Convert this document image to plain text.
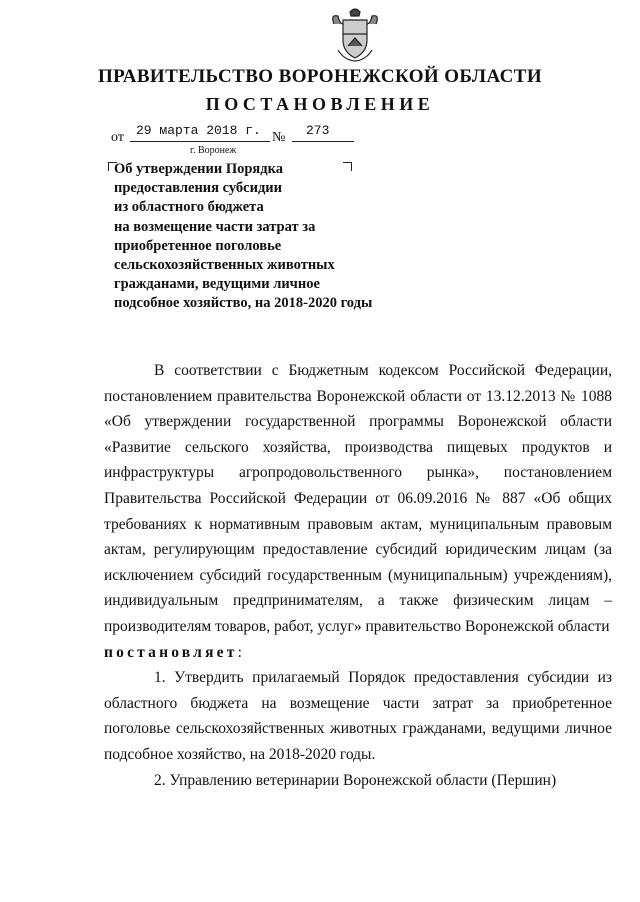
ПРАВИТЕЛЬСТВО ВОРОНЕЖСКОЙ ОБЛАСТИ
ПОСТАНОВЛЕНИЕ
от 29 марта 2018 г. №	273
г. Воронеж
Об утверждении Порядка
предоставления субсидии
из областного бюджета
на возмещение части затрат за
приобретенное поголовье
сельскохозяйственных животных
гражданами, ведущими личное
подсобное хозяйство, на 2018-2020 годы

В соответствии с Бюджетным кодексом Российской Федерации, постановлением правительства Воронежской области от 13.12.2013 № 1088 «Об утверждении государственной программы Воронежской области «Развитие сельского хозяйства, производства пищевых продуктов и инфраструктуры агропродовольственного рынка», постановлением Правительства Российской Федерации от 06.09.2016 № 887 «Об общих требованиях к нормативным правовым актам, муниципальным правовым актам, регулирующим предоставление субсидий юридическим лицам (за исключением субсидий государственным (муниципальным) учреждениям), индивидуальным предпринимателям, а также физическим лицам – производителям товаров, работ, услуг» правительство Воронежской области

постановляет:

1. Утвердить прилагаемый Порядок предоставления субсидии из областного бюджета на возмещение части затрат за приобретенное поголовье сельскохозяйственных животных гражданами, ведущими личное подсобное хозяйство, на 2018-2020 годы.

2. Управлению ветеринарии Воронежской области (Першин)
